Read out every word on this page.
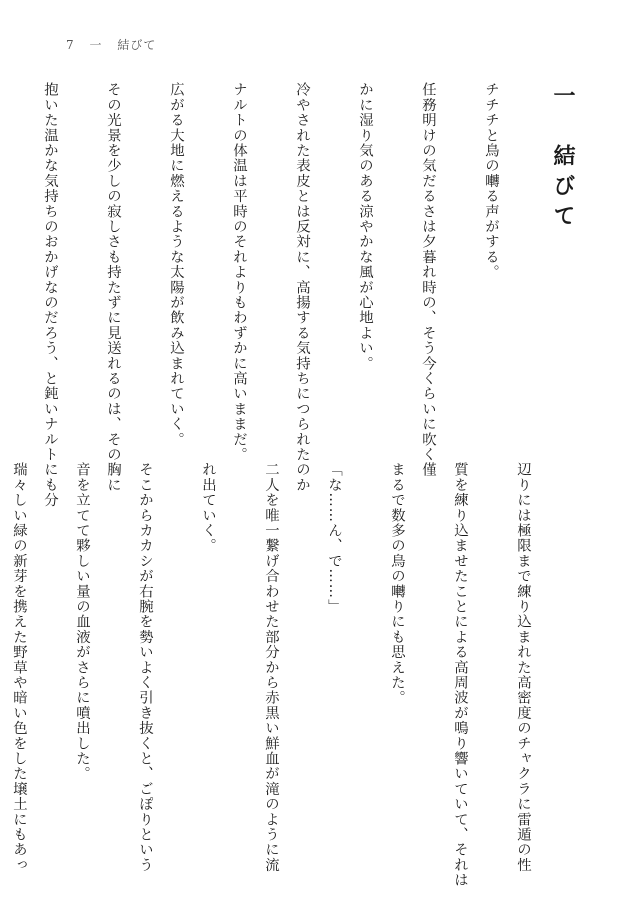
7 一 結びて
一　結びて

チチチと鳥の囀る声がする。

任務明けの気だるさは夕暮れ時の、そう今くらいに吹く僅

かに湿り気のある涼やかな風が心地よい。

冷やされた表皮とは反対に、高揚する気持ちにつられたのか

ナルトの体温は平時のそれよりもわずかに高いままだ。

広がる大地に燃えるような太陽が飲み込まれていく。

その光景を少しの寂しさも持たずに見送れるのは、その胸に

抱いた温かな気持ちのおかげなのだろう、と鈍いナルトにも分

辺りには極限まで練り込まれた高密度のチャクラに雷遁の性

質を練り込ませたことによる高周波が鳴り響いていて、それは

まるで数多の鳥の囀りにも思えた。

「な……ん、で……」

二人を唯一繋げ合わせた部分から赤黒い鮮血が滝のように流

れ出ていく。

そこからカカシが右腕を勢いよく引き抜くと、ごぽりという

音を立てて夥しい量の血液がさらに噴出した。

瑞々しい緑の新芽を携えた野草や暗い色をした壌土にもあっ
